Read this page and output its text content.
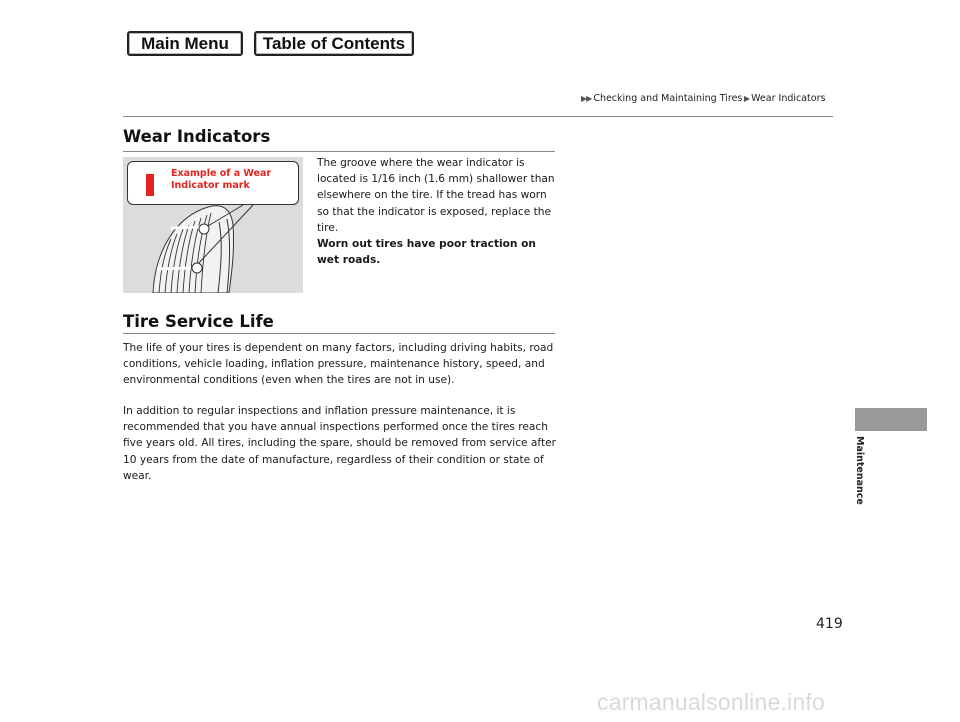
Main Menu	Table of Contents
▶▶ Checking and Maintaining Tires ▶ Wear Indicators
Wear Indicators
Example of a Wear Indicator mark

The groove where the wear indicator is located is 1/16 inch (1.6 mm) shallower than elsewhere on the tire. If the tread has worn so that the indicator is exposed, replace the tire.
Worn out tires have poor traction on wet roads.

Tire Service Life

The life of your tires is dependent on many factors, including driving habits, road conditions, vehicle loading, inflation pressure, maintenance history, speed, and environmental conditions (even when the tires are not in use).

In addition to regular inspections and inflation pressure maintenance, it is recommended that you have annual inspections performed once the tires reach five years old. All tires, including the spare, should be removed from service after 10 years from the date of manufacture, regardless of their condition or state of wear.	Maintenance
419
carmanualsonline.info
